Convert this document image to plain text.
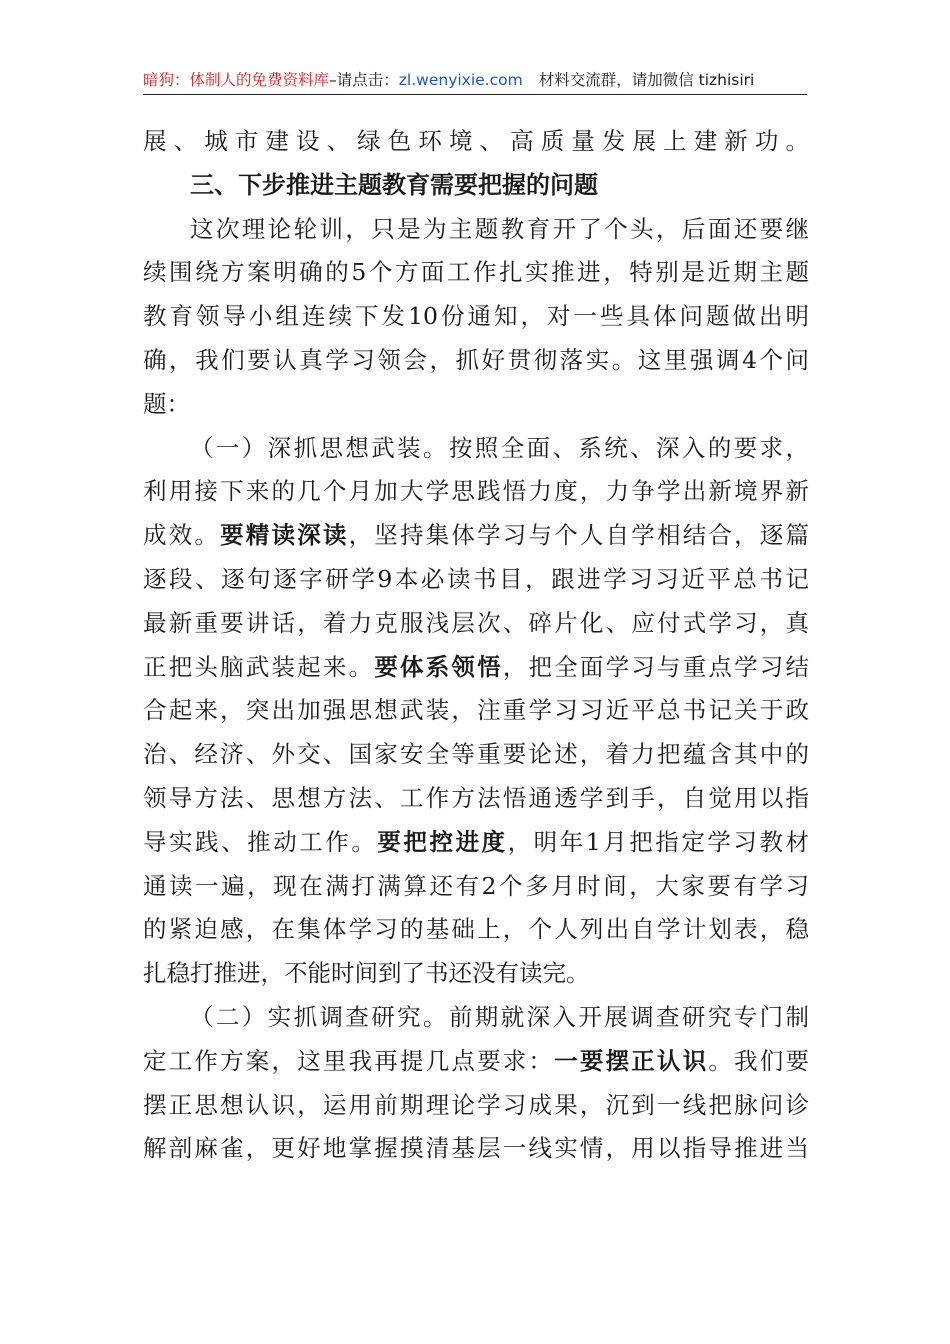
暗狗：体制人的免费资料库–请点击：zl.wenyixie.com 材料交流群，请加微信 tizhisiri
展、城市建设、绿色环境、高质量发展上建新功。
三、下步推进主题教育需要把握的问题
这次理论轮训，只是为主题教育开了个头，后面还要继
续围绕方案明确的5个方面工作扎实推进，特别是近期主题
教育领导小组连续下发10份通知，对一些具体问题做出明
确，我们要认真学习领会，抓好贯彻落实。这里强调4个问
题：
（一）深抓思想武装。按照全面、系统、深入的要求，
利用接下来的几个月加大学思践悟力度，力争学出新境界新
成效。要精读深读，坚持集体学习与个人自学相结合，逐篇
逐段、逐句逐字研学9本必读书目，跟进学习习近平总书记
最新重要讲话，着力克服浅层次、碎片化、应付式学习，真
正把头脑武装起来。要体系领悟，把全面学习与重点学习结
合起来，突出加强思想武装，注重学习习近平总书记关于政
治、经济、外交、国家安全等重要论述，着力把蕴含其中的
领导方法、思想方法、工作方法悟通透学到手，自觉用以指
导实践、推动工作。要把控进度，明年1月把指定学习教材
通读一遍，现在满打满算还有2个多月时间，大家要有学习
的紧迫感，在集体学习的基础上，个人列出自学计划表，稳
扎稳打推进，不能时间到了书还没有读完。
（二）实抓调查研究。前期就深入开展调查研究专门制
定工作方案，这里我再提几点要求：一要摆正认识。我们要
摆正思想认识，运用前期理论学习成果，沉到一线把脉问诊
解剖麻雀，更好地掌握摸清基层一线实情，用以指导推进当
